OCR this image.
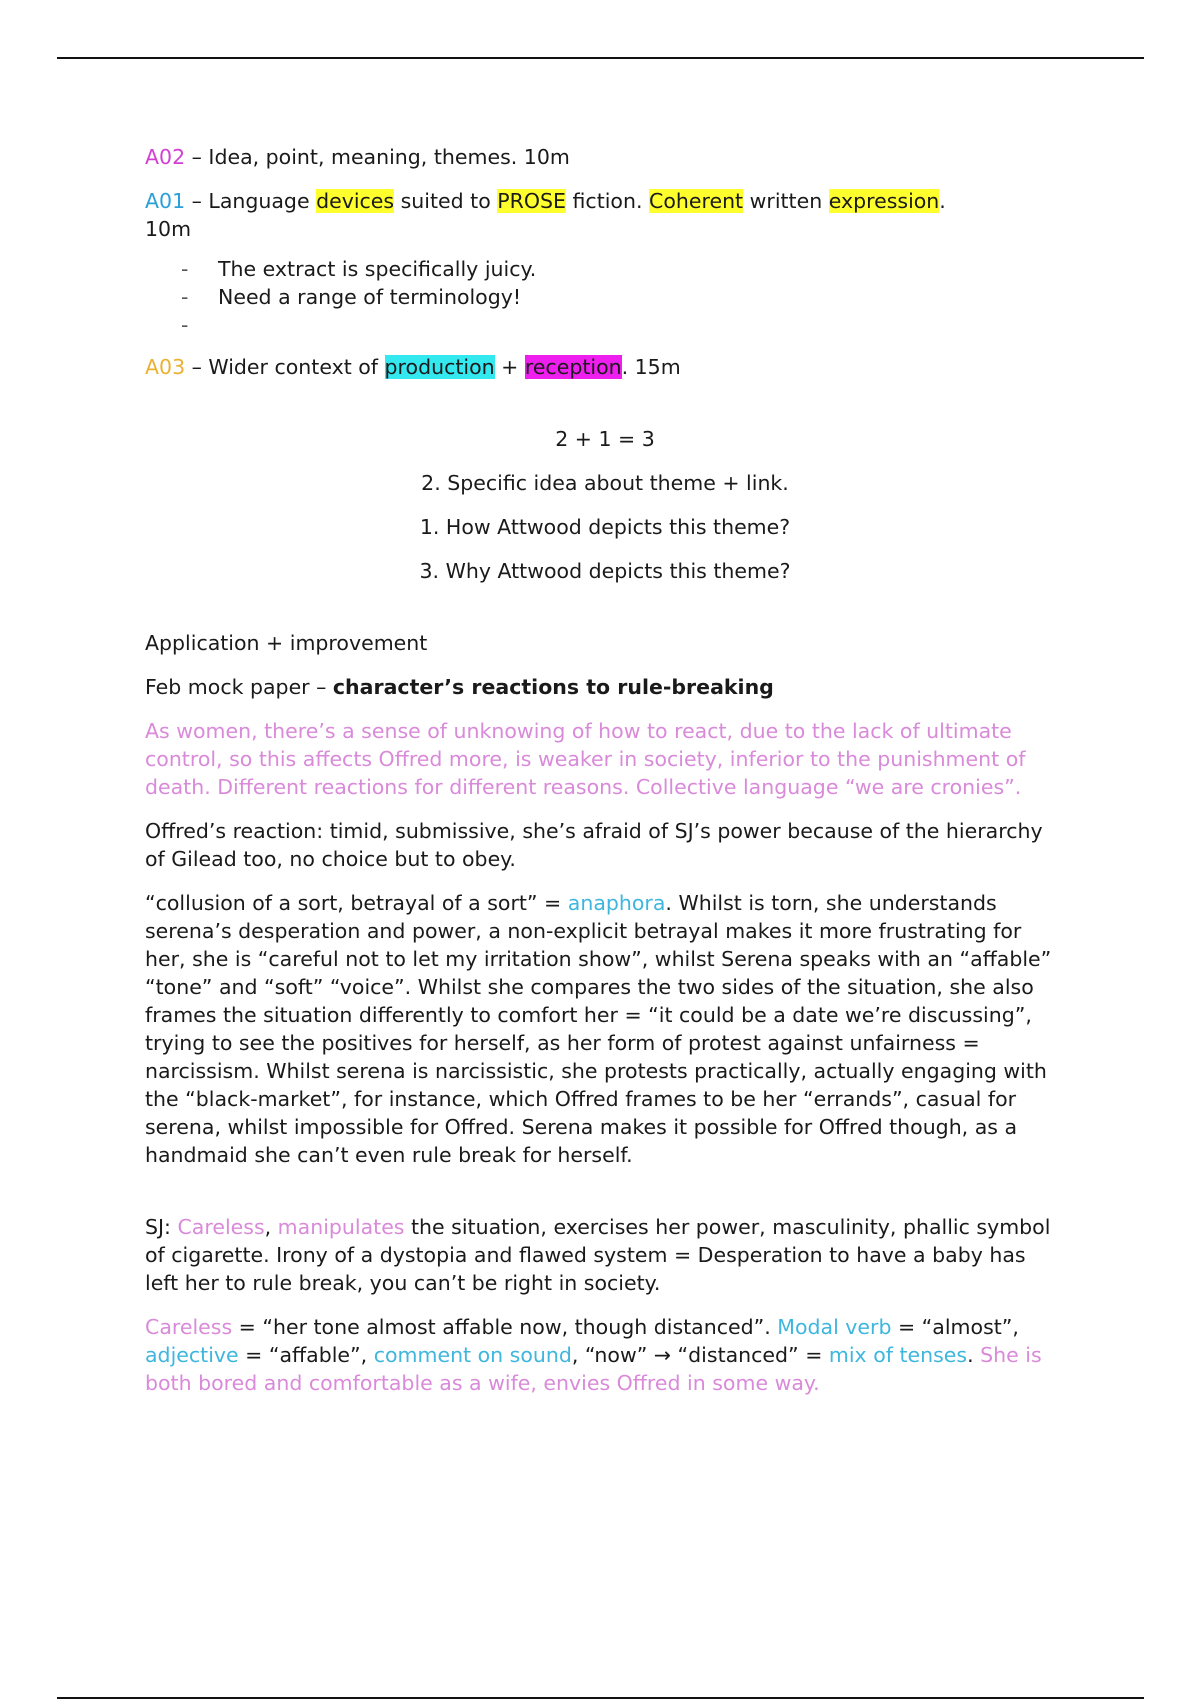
A02 – Idea, point, meaning, themes. 10m

A01 – Language devices suited to PROSE fiction. Coherent written expression.
10m

- The extract is specifically juicy.
- Need a range of terminology!
-

A03 – Wider context of production + reception. 15m

2 + 1 = 3
2. Specific idea about theme + link.
1. How Attwood depicts this theme?
3. Why Attwood depicts this theme?

Application + improvement

Feb mock paper – character’s reactions to rule-breaking

As women, there’s a sense of unknowing of how to react, due to the lack of ultimate control, so this affects Offred more, is weaker in society, inferior to the punishment of death. Different reactions for different reasons. Collective language “we are cronies”.

Offred’s reaction: timid, submissive, she’s afraid of SJ’s power because of the hierarchy of Gilead too, no choice but to obey.

“collusion of a sort, betrayal of a sort” = anaphora. Whilst is torn, she understands serena’s desperation and power, a non-explicit betrayal makes it more frustrating for her, she is “careful not to let my irritation show”, whilst Serena speaks with an “affable” “tone” and “soft” “voice”. Whilst she compares the two sides of the situation, she also frames the situation differently to comfort her = “it could be a date we’re discussing”, trying to see the positives for herself, as her form of protest against unfairness = narcissism. Whilst serena is narcissistic, she protests practically, actually engaging with the “black-market”, for instance, which Offred frames to be her “errands”, casual for serena, whilst impossible for Offred. Serena makes it possible for Offred though, as a handmaid she can’t even rule break for herself.

SJ: Careless, manipulates the situation, exercises her power, masculinity, phallic symbol of cigarette. Irony of a dystopia and flawed system = Desperation to have a baby has left her to rule break, you can’t be right in society.

Careless = “her tone almost affable now, though distanced”. Modal verb = “almost”, adjective = “affable”, comment on sound, “now” → “distanced” = mix of tenses. She is both bored and comfortable as a wife, envies Offred in some way.
